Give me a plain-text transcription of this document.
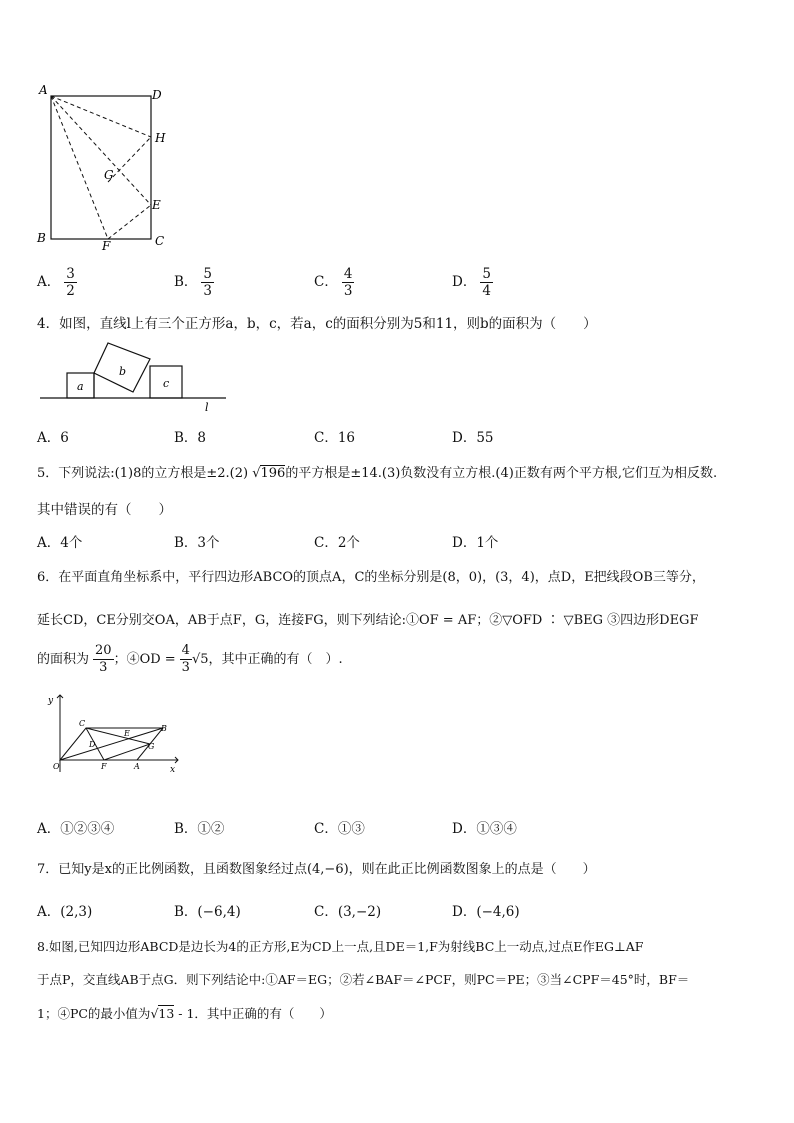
A	D
H
G
E
B
F	C
A． $\frac{3}{2}$	B． $\frac{5}{3}$	C． $\frac{4}{3}$	D． $\frac{5}{4}$
4．如图，直线l上有三个正方形a，b，c，若a，c的面积分别为5和11，则b的面积为（　　）
a
b
c
l
A．6	B．8	C．16	D．55
5．下列说法:(1)8的立方根是±2.(2) √196的平方根是±14.(3)负数没有立方根.(4)正数有两个平方根,它们互为相反数.
其中错误的有（　　）
A．4个	B．3个	C．2个	D．1个
6．在平面直角坐标系中，平行四边形ABCO的顶点A，C的坐标分别是(8，0)，(3，4)，点D，E把线段OB三等分，
延长CD，CE分别交OA，AB于点F，G，连接FG，则下列结论:①OF = AF；②▽OFD ∶ ▽BEG ③四边形DEGF
的面积为 $\frac{20}{3}$ ；④OD = $\frac{4}{3} √5$，其中正确的有（　）.
y
x
O
C
B
D
E
G
F	A
A．①②③④	B．①②	C．①③	D．①③④
7．已知y是x的正比例函数，且函数图象经过点(4,−6)，则在此正比例函数图象上的点是（　　）
A．(2,3)	B．(−6,4)	C．(3,−2)	D．(−4,6)
8.如图,已知四边形ABCD是边长为4的正方形,E为CD上一点,且DE＝1,F为射线BC上一动点,过点E作EG⊥AF
于点P，交直线AB于点G．则下列结论中:①AF＝EG；②若∠BAF＝∠PCF，则PC＝PE；③当∠CPF＝45°时，BF＝
1；④PC的最小值为√13 - 1．其中正确的有（　　）
